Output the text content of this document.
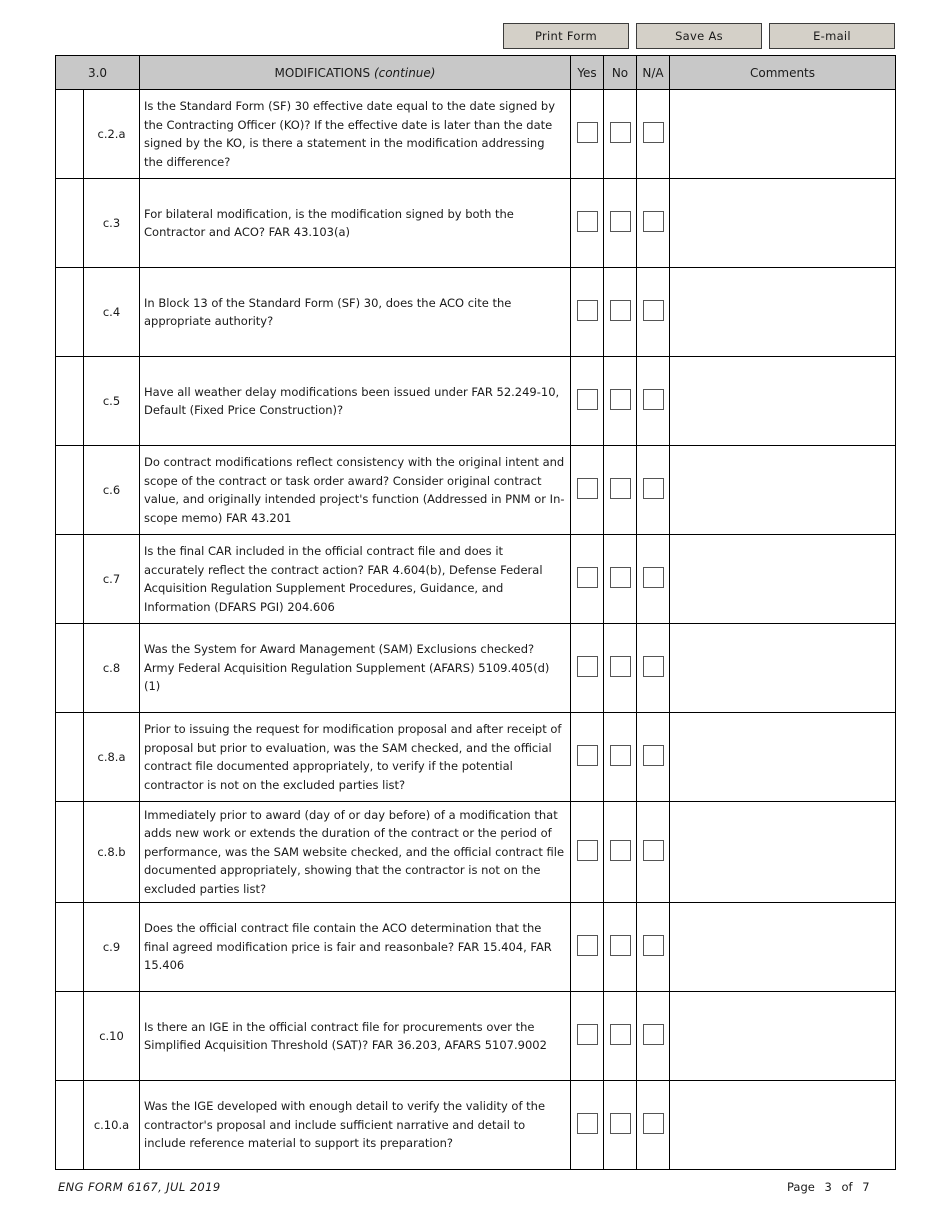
Print Form	Save As	E-mail
3.0		MODIFICATIONS (continue)	Yes	No	N/A	Comments
	c.2.a	Is the Standard Form (SF) 30 effective date equal to the date signed by the Contracting Officer (KO)? If the effective date is later than the date signed by the KO, is there a statement in the modification addressing the difference?				
	c.3	For bilateral modification, is the modification signed by both the Contractor and ACO? FAR 43.103(a)				
	c.4	In Block 13 of the Standard Form (SF) 30, does the ACO cite the appropriate authority?				
	c.5	Have all weather delay modifications been issued under FAR 52.249-10, Default (Fixed Price Construction)?				
	c.6	Do contract modifications reflect consistency with the original intent and scope of the contract or task order award? Consider original contract value, and originally intended project's function (Addressed in PNM or In-scope memo) FAR 43.201				
	c.7	Is the final CAR included in the official contract file and does it accurately reflect the contract action? FAR 4.604(b), Defense Federal Acquisition Regulation Supplement Procedures, Guidance, and Information (DFARS PGI) 204.606				
	c.8	Was the System for Award Management (SAM) Exclusions checked? Army Federal Acquisition Regulation Supplement (AFARS) 5109.405(d)(1)				
	c.8.a	Prior to issuing the request for modification proposal and after receipt of proposal but prior to evaluation, was the SAM checked, and the official contract file documented appropriately, to verify if the potential contractor is not on the excluded parties list?				
	c.8.b	Immediately prior to award (day of or day before) of a modification that adds new work or extends the duration of the contract or the period of performance, was the SAM website checked, and the official contract file documented appropriately, showing that the contractor is not on the excluded parties list?				
	c.9	Does the official contract file contain the ACO determination that the final agreed modification price is fair and reasonbale? FAR 15.404, FAR 15.406				
	c.10	Is there an IGE in the official contract file for procurements over the Simplified Acquisition Threshold (SAT)? FAR 36.203, AFARS 5107.9002				
	c.10.a	Was the IGE developed with enough detail to verify the validity of the contractor's proposal and include sufficient narrative and detail to include reference material to support its preparation?				
ENG FORM 6167, JUL 2019	Page 3 of 7
